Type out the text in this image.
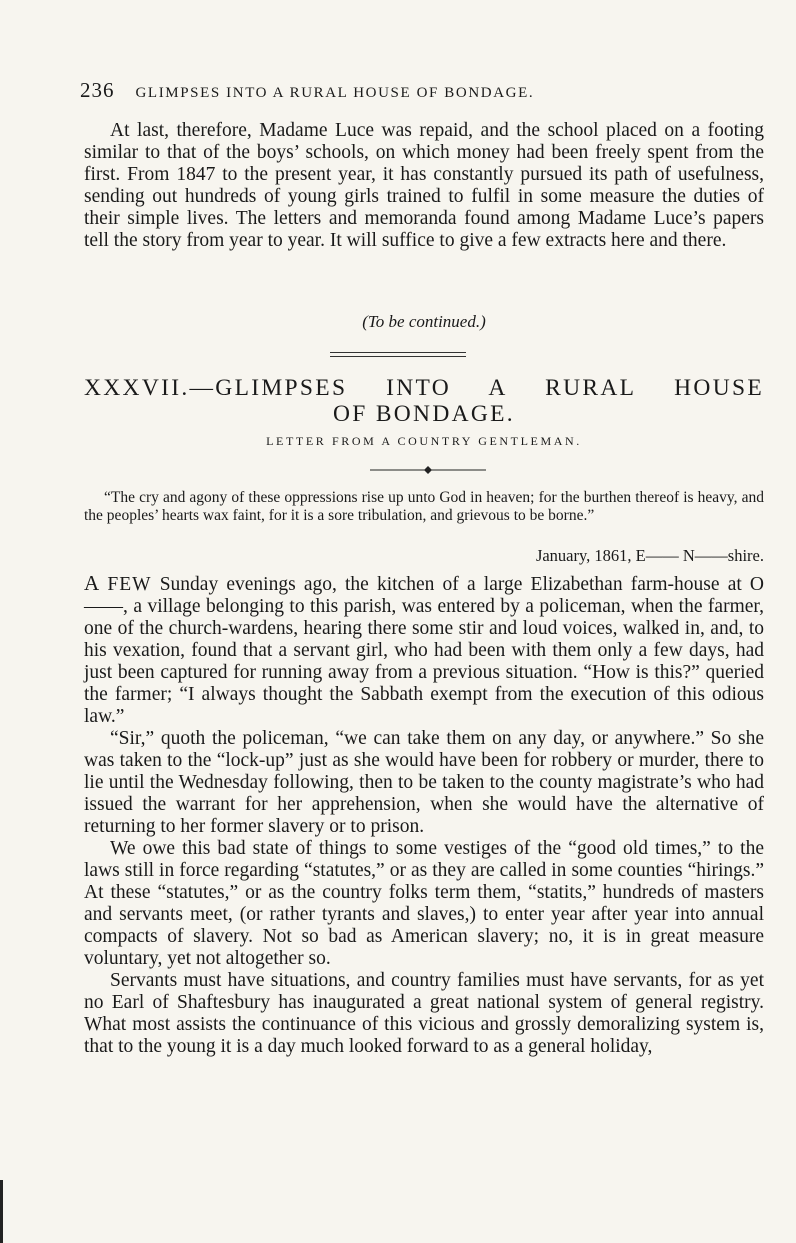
236 GLIMPSES INTO A RURAL HOUSE OF BONDAGE.

At last, therefore, Madame Luce was repaid, and the school placed on a footing similar to that of the boys’ schools, on which money had been freely spent from the first. From 1847 to the present year, it has constantly pursued its path of usefulness, sending out hundreds of young girls trained to fulfil in some measure the duties of their simple lives. The letters and memoranda found among Madame Luce’s papers tell the story from year to year. It will suffice to give a few extracts here and there.

(To be continued.)
XXXVII.—GLIMPSES INTO A RURAL HOUSE
OF BONDAGE.
LETTER FROM A COUNTRY GENTLEMAN.

“The cry and agony of these oppressions rise up unto God in heaven; for the burthen thereof is heavy, and the peoples’ hearts wax faint, for it is a sore tribulation, and grievous to be borne.”

January, 1861, E—— N——shire.

A FEW Sunday evenings ago, the kitchen of a large Elizabethan farm-house at O——, a village belonging to this parish, was entered by a policeman, when the farmer, one of the church-wardens, hearing there some stir and loud voices, walked in, and, to his vexation, found that a servant girl, who had been with them only a few days, had just been captured for running away from a previous situation. “How is this?” queried the farmer; “I always thought the Sabbath exempt from the execution of this odious law.”

“Sir,” quoth the policeman, “we can take them on any day, or anywhere.” So she was taken to the “lock-up” just as she would have been for robbery or murder, there to lie until the Wednesday following, then to be taken to the county magistrate’s who had issued the warrant for her apprehension, when she would have the alternative of returning to her former slavery or to prison.

We owe this bad state of things to some vestiges of the “good old times,” to the laws still in force regarding “statutes,” or as they are called in some counties “hirings.” At these “statutes,” or as the country folks term them, “statits,” hundreds of masters and servants meet, (or rather tyrants and slaves,) to enter year after year into annual compacts of slavery. Not so bad as American slavery; no, it is in great measure voluntary, yet not altogether so.

Servants must have situations, and country families must have servants, for as yet no Earl of Shaftesbury has inaugurated a great national system of general registry. What most assists the continuance of this vicious and grossly demoralizing system is, that to the young it is a day much looked forward to as a general holiday,
